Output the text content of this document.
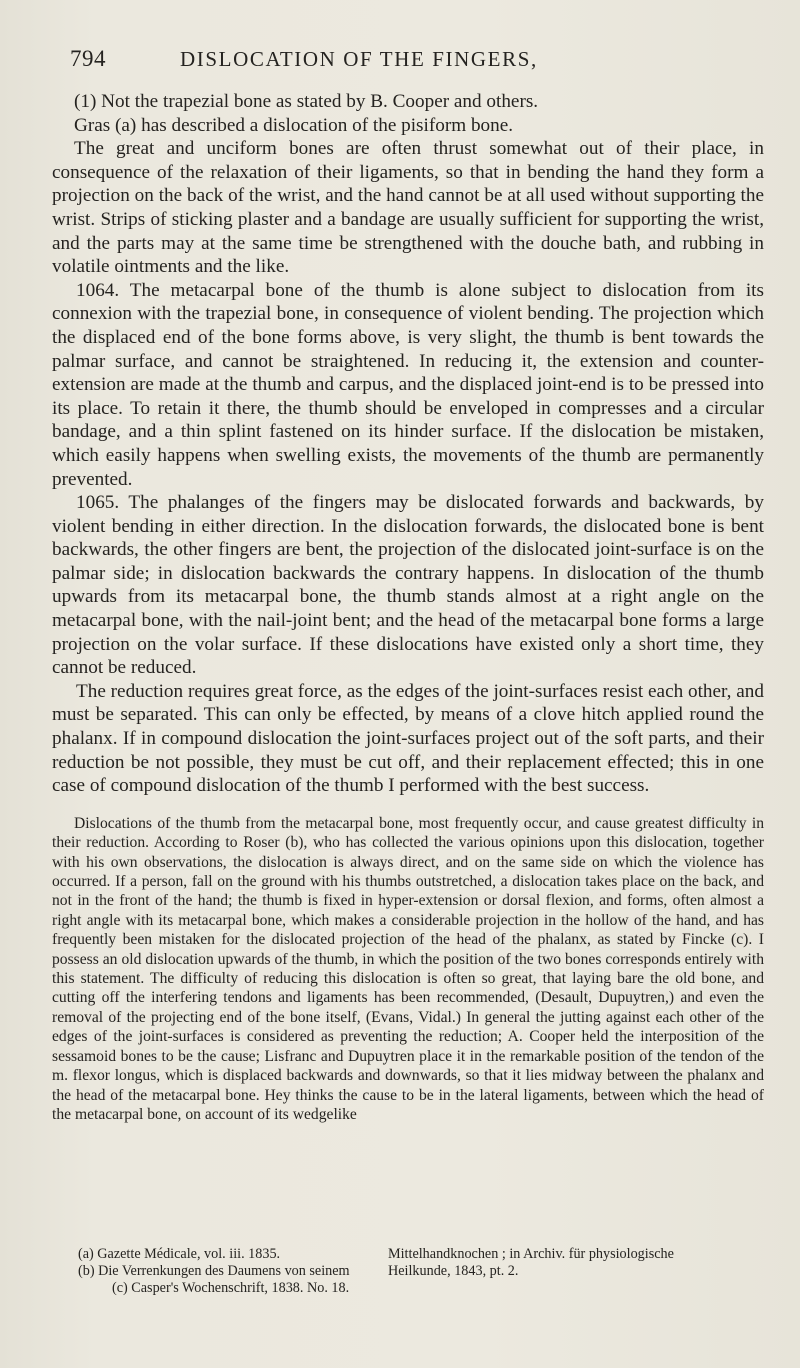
794	DISLOCATION OF THE FINGERS,

(1) Not the trapezial bone as stated by B. Cooper and others.

Gras (a) has described a dislocation of the pisiform bone.

The great and unciform bones are often thrust somewhat out of their place, in consequence of the relaxation of their ligaments, so that in bending the hand they form a projection on the back of the wrist, and the hand cannot be at all used without supporting the wrist. Strips of sticking plaster and a bandage are usually sufficient for supporting the wrist, and the parts may at the same time be strengthened with the douche bath, and rubbing in volatile ointments and the like.

1064. The metacarpal bone of the thumb is alone subject to dislocation from its connexion with the trapezial bone, in consequence of violent bending. The projection which the displaced end of the bone forms above, is very slight, the thumb is bent towards the palmar surface, and cannot be straightened. In reducing it, the extension and counter-extension are made at the thumb and carpus, and the displaced joint-end is to be pressed into its place. To retain it there, the thumb should be enveloped in compresses and a circular bandage, and a thin splint fastened on its hinder surface. If the dislocation be mistaken, which easily happens when swelling exists, the movements of the thumb are permanently prevented.

1065. The phalanges of the fingers may be dislocated forwards and backwards, by violent bending in either direction. In the dislocation forwards, the dislocated bone is bent backwards, the other fingers are bent, the projection of the dislocated joint-surface is on the palmar side; in dislocation backwards the contrary happens. In dislocation of the thumb upwards from its metacarpal bone, the thumb stands almost at a right angle on the metacarpal bone, with the nail-joint bent; and the head of the metacarpal bone forms a large projection on the volar surface. If these dislocations have existed only a short time, they cannot be reduced.

The reduction requires great force, as the edges of the joint-surfaces resist each other, and must be separated. This can only be effected, by means of a clove hitch applied round the phalanx. If in compound dislocation the joint-surfaces project out of the soft parts, and their reduction be not possible, they must be cut off, and their replacement effected; this in one case of compound dislocation of the thumb I performed with the best success.

Dislocations of the thumb from the metacarpal bone, most frequently occur, and cause greatest difficulty in their reduction. According to Roser (b), who has collected the various opinions upon this dislocation, together with his own observations, the dislocation is always direct, and on the same side on which the violence has occurred. If a person, fall on the ground with his thumbs outstretched, a dislocation takes place on the back, and not in the front of the hand; the thumb is fixed in hyper-extension or dorsal flexion, and forms, often almost a right angle with its metacarpal bone, which makes a considerable projection in the hollow of the hand, and has frequently been mistaken for the dislocated projection of the head of the phalanx, as stated by Fincke (c). I possess an old dislocation upwards of the thumb, in which the position of the two bones corresponds entirely with this statement. The difficulty of reducing this dislocation is often so great, that laying bare the old bone, and cutting off the interfering tendons and ligaments has been recommended, (Desault, Dupuytren,) and even the removal of the projecting end of the bone itself, (Evans, Vidal.) In general the jutting against each other of the edges of the joint-surfaces is considered as preventing the reduction; A. Cooper held the interposition of the sessamoid bones to be the cause; Lisfranc and Dupuytren place it in the remarkable position of the tendon of the m. flexor longus, which is displaced backwards and downwards, so that it lies midway between the phalanx and the head of the metacarpal bone. Hey thinks the cause to be in the lateral ligaments, between which the head of the metacarpal bone, on account of its wedgelike

(a) Gazette Médicale, vol. iii. 1835.	Mittelhandknochen ; in Archiv. für physiologische
(b) Die Verrenkungen des Daumens von seinem	Heilkunde, 1843, pt. 2.
(c) Casper's Wochenschrift, 1838. No. 18.
